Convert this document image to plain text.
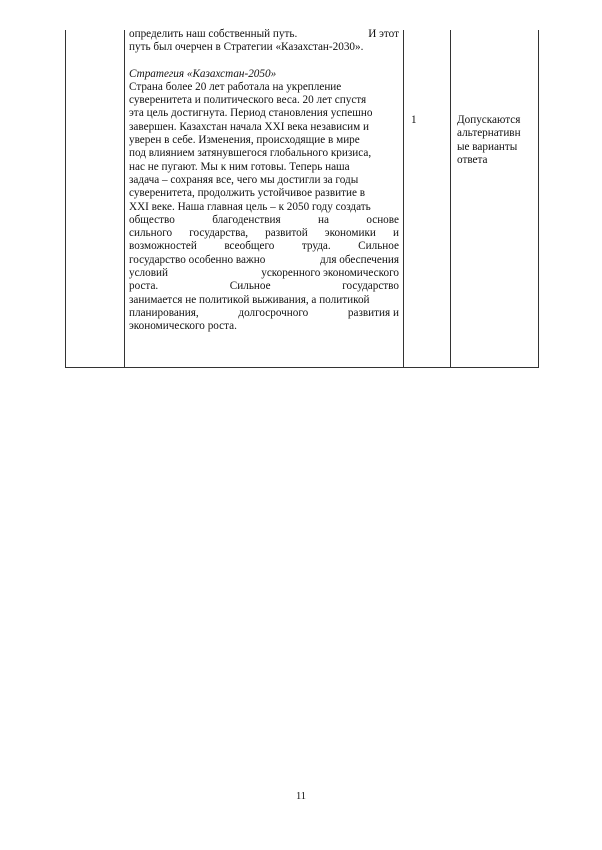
определить наш собственный путь.	И этот

путь был очерчен в Стратегии «Казахстан-2030».

Стратегия «Казахстан-2050»

Страна более 20 лет работала на укрепление

суверенитета и политического веса. 20 лет спустя

эта цель достигнута. Период становления успешно

завершен. Казахстан начала XXI века независим и

уверен в себе. Изменения, происходящие в мире

под влиянием затянувшегося глобального кризиса,

нас не пугают. Мы к ним готовы. Теперь наша

задача – сохраняя все, чего мы достигли за годы

суверенитета, продолжить устойчивое развитие в

XXI веке. Наша главная цель – к 2050 году создать

общество	благоденствия	на	основе

сильного государства, развитой экономики и

возможностей всеобщего труда. Сильное

государство особенно важно	для обеспечения

условий	ускоренного экономического

роста.	Сильное	государство

занимается не политикой выживания, а политикой

планирования,	долгосрочного	развития и

экономического роста.

1	Допускаются

альтернативн

ые варианты

ответа

11
